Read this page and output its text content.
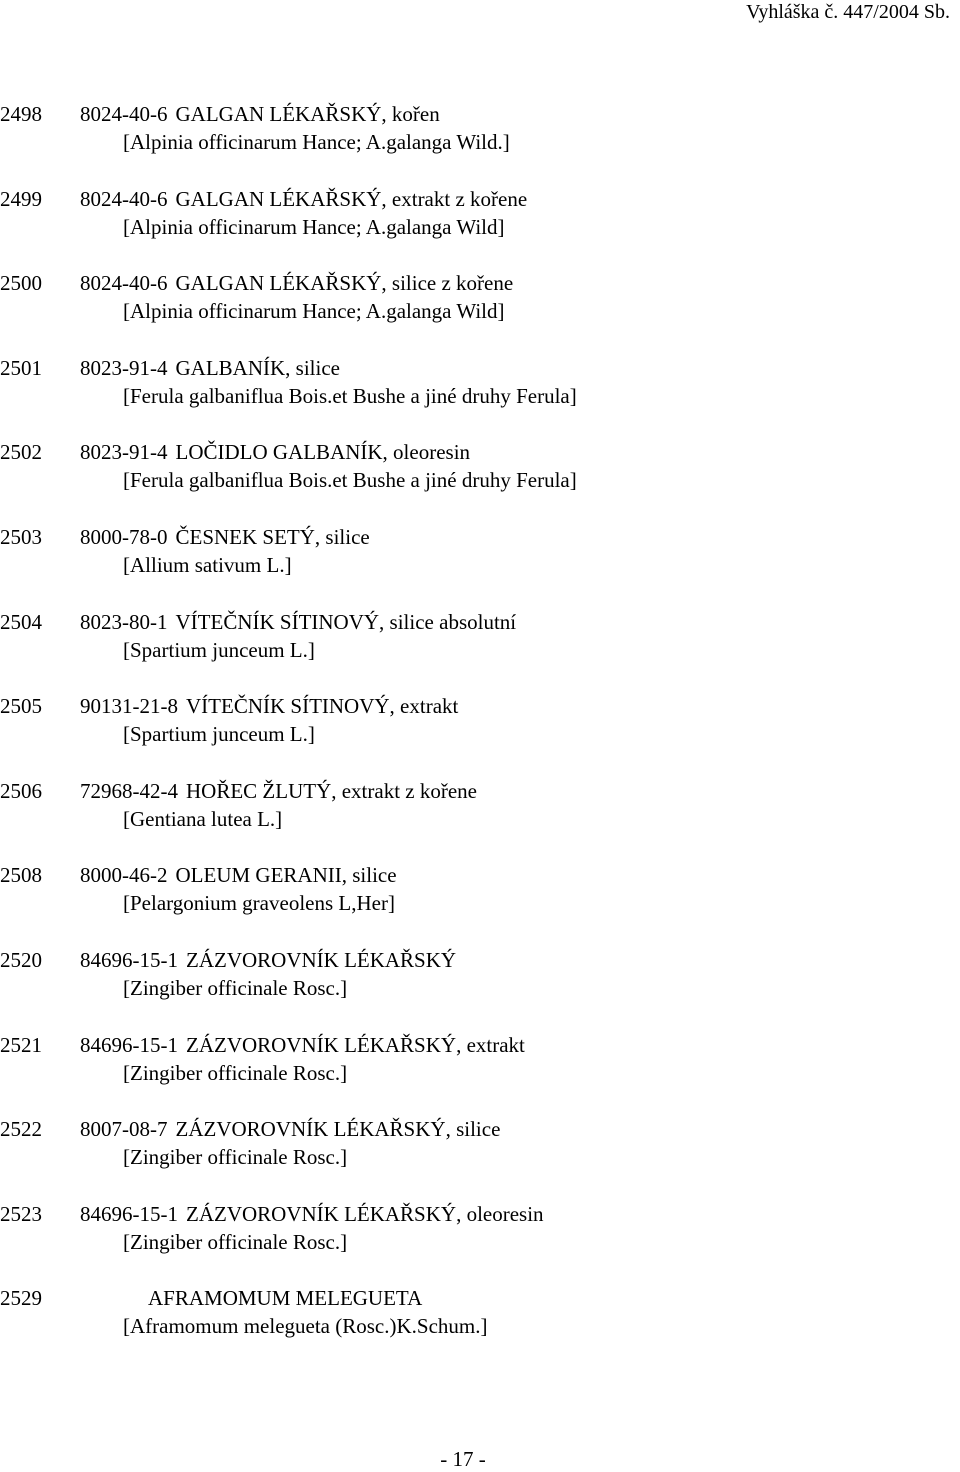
Vyhláška č. 447/2004 Sb.
2498 8024-40-6 GALGAN LÉKAŘSKÝ, kořen
[Alpinia officinarum Hance; A.galanga Wild.]
2499 8024-40-6 GALGAN LÉKAŘSKÝ, extrakt z kořene
[Alpinia officinarum Hance; A.galanga Wild]
2500 8024-40-6 GALGAN LÉKAŘSKÝ, silice z kořene
[Alpinia officinarum Hance; A.galanga Wild]
2501 8023-91-4 GALBANÍK, silice
[Ferula galbaniflua Bois.et Bushe a jiné druhy Ferula]
2502 8023-91-4 LOČIDLO GALBANÍK, oleoresin
[Ferula galbaniflua Bois.et Bushe a jiné druhy Ferula]
2503 8000-78-0 ČESNEK SETÝ, silice
[Allium sativum L.]
2504 8023-80-1 VÍTEČNÍK SÍTINOVÝ, silice absolutní
[Spartium junceum L.]
2505 90131-21-8 VÍTEČNÍK SÍTINOVÝ, extrakt
[Spartium junceum L.]
2506 72968-42-4 HOŘEC ŽLUTÝ, extrakt z kořene
[Gentiana lutea L.]
2508 8000-46-2 OLEUM GERANII, silice
[Pelargonium graveolens L,Her]
2520 84696-15-1 ZÁZVOROVNÍK LÉKAŘSKÝ
[Zingiber officinale Rosc.]
2521 84696-15-1 ZÁZVOROVNÍK LÉKAŘSKÝ, extrakt
[Zingiber officinale Rosc.]
2522 8007-08-7 ZÁZVOROVNÍK LÉKAŘSKÝ, silice
[Zingiber officinale Rosc.]
2523 84696-15-1 ZÁZVOROVNÍK LÉKAŘSKÝ, oleoresin
[Zingiber officinale Rosc.]
2529	AFRAMOMUM MELEGUETA
[Aframomum melegueta (Rosc.)K.Schum.]
- 17 -
